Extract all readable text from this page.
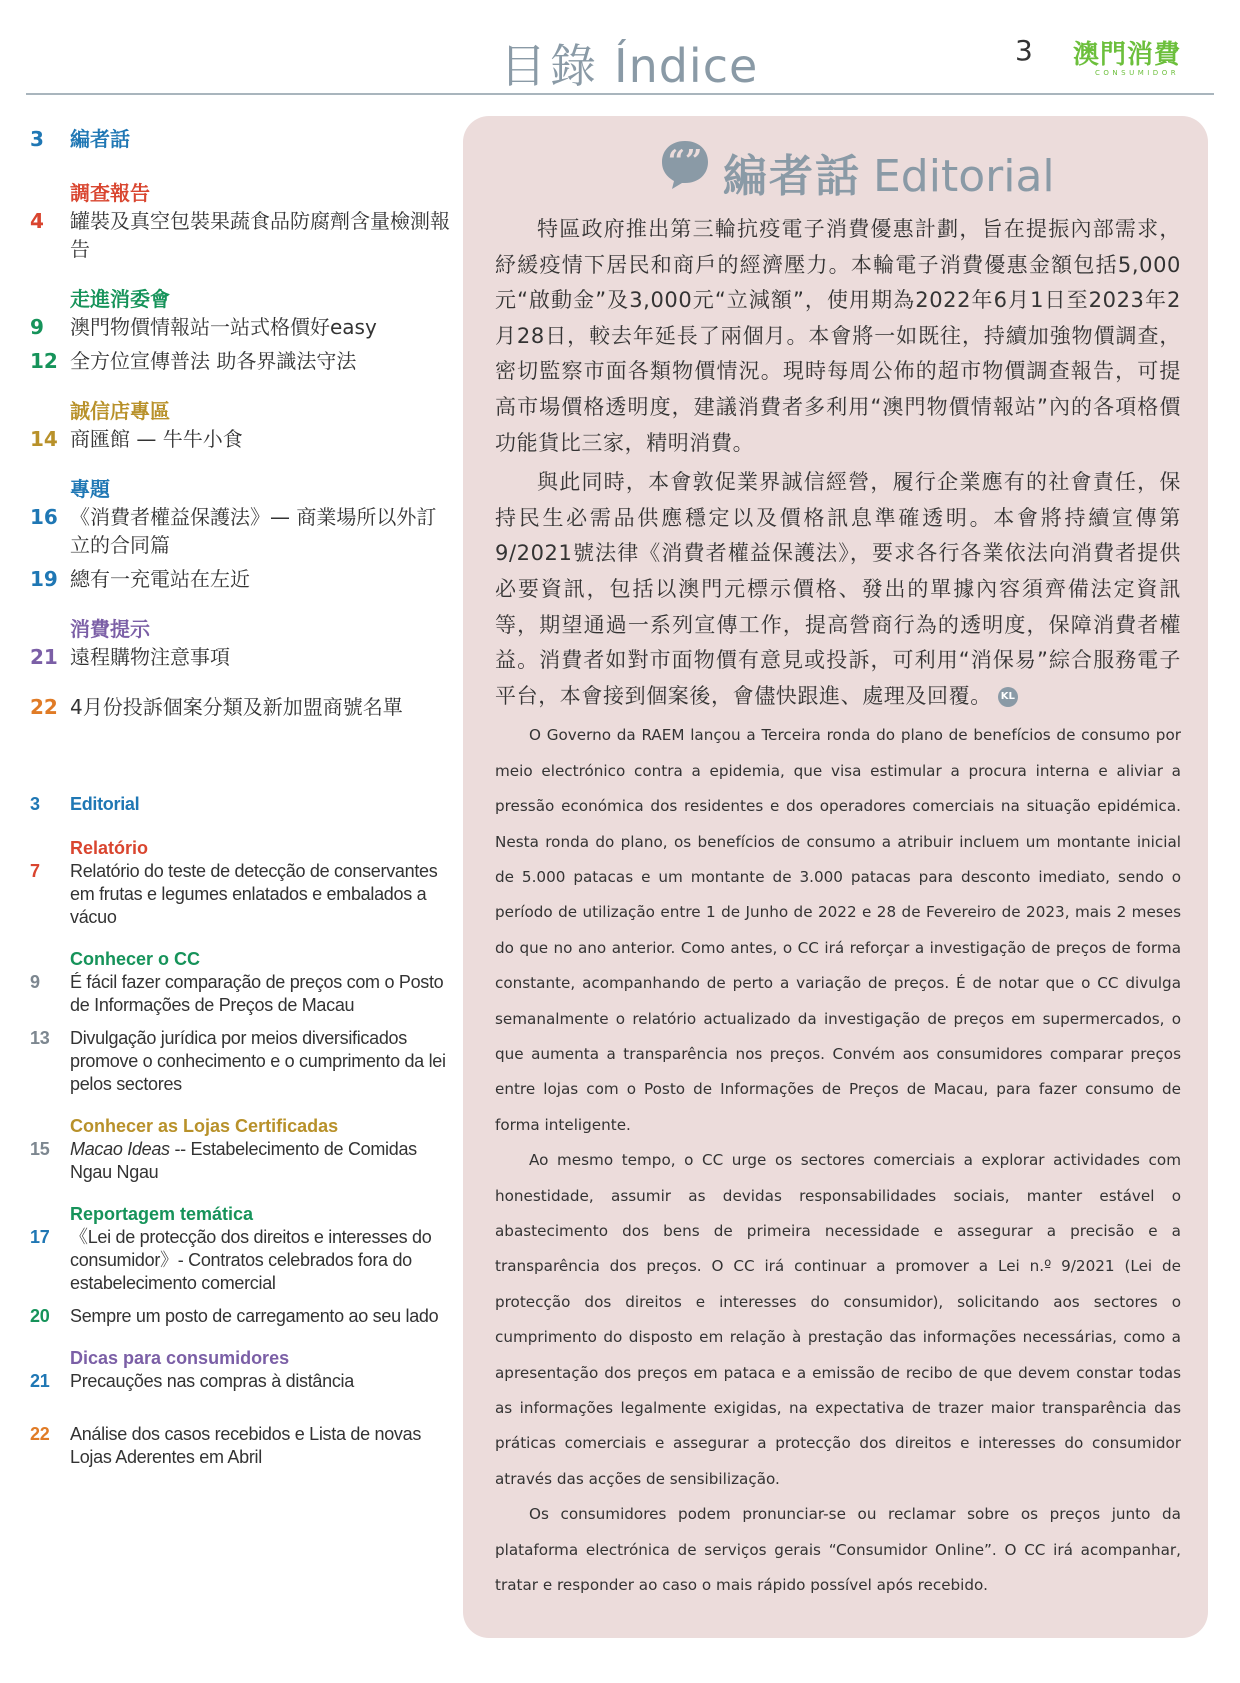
目錄 Índice	3 澳門消費
CONSUMIDOR
3 編者話
調查報告
4 罐裝及真空包裝果蔬食品防腐劑含量檢測報告
走進消委會
9 澳門物價情報站一站式格價好easy
12 全方位宣傳普法 助各界識法守法
誠信店專區
14 商匯館 — 牛牛小食
專題
16 《消費者權益保護法》— 商業場所以外訂立的合同篇
19 總有一充電站在左近
消費提示
21 遠程購物注意事項
22 4月份投訴個案分類及新加盟商號名單
3 Editorial
Relatório
7 Relatório do teste de detecção de conservantes em frutas e legumes enlatados e embalados a vácuo
Conhecer o CC
9 É fácil fazer comparação de preços com o Posto de Informações de Preços de Macau
13 Divulgação jurídica por meios diversificados promove o conhecimento e o cumprimento da lei pelos sectores
Conhecer as Lojas Certificadas
15 Macao Ideas -- Estabelecimento de Comidas Ngau Ngau
Reportagem temática
17 《Lei de protecção dos direitos e interesses do consumidor》- Contratos celebrados fora do estabelecimento comercial
20 Sempre um posto de carregamento ao seu lado
Dicas para consumidores
21 Precauções nas compras à distância
22 Análise dos casos recebidos e Lista de novas Lojas Aderentes em Abril
“” 編者話 Editorial

特區政府推出第三輪抗疫電子消費優惠計劃，旨在提振內部需求，紓緩疫情下居民和商戶的經濟壓力。本輪電子消費優惠金額包括5,000元“啟動金”及3,000元“立減額”，使用期為2022年6月1日至2023年2月28日，較去年延長了兩個月。本會將一如既往，持續加強物價調查，密切監察市面各類物價情況。現時每周公佈的超市物價調查報告，可提高市場價格透明度，建議消費者多利用“澳門物價情報站”內的各項格價功能貨比三家，精明消費。

與此同時，本會敦促業界誠信經營，履行企業應有的社會責任，保持民生必需品供應穩定以及價格訊息準確透明。本會將持續宣傳第9/2021號法律《消費者權益保護法》，要求各行各業依法向消費者提供必要資訊，包括以澳門元標示價格、發出的單據內容須齊備法定資訊等，期望通過一系列宣傳工作，提高營商行為的透明度，保障消費者權益。消費者如對市面物價有意見或投訴，可利用“消保易”綜合服務電子平台，本會接到個案後，會儘快跟進、處理及回覆。 KL

O Governo da RAEM lançou a Terceira ronda do plano de benefícios de consumo por meio electrónico contra a epidemia, que visa estimular a procura interna e aliviar a pressão económica dos residentes e dos operadores comerciais na situação epidémica. Nesta ronda do plano, os benefícios de consumo a atribuir incluem um montante inicial de 5.000 patacas e um montante de 3.000 patacas para desconto imediato, sendo o período de utilização entre 1 de Junho de 2022 e 28 de Fevereiro de 2023, mais 2 meses do que no ano anterior. Como antes, o CC irá reforçar a investigação de preços de forma constante, acompanhando de perto a variação de preços. É de notar que o CC divulga semanalmente o relatório actualizado da investigação de preços em supermercados, o que aumenta a transparência nos preços. Convém aos consumidores comparar preços entre lojas com o Posto de Informações de Preços de Macau, para fazer consumo de forma inteligente.

Ao mesmo tempo, o CC urge os sectores comerciais a explorar actividades com honestidade, assumir as devidas responsabilidades sociais, manter estável o abastecimento dos bens de primeira necessidade e assegurar a precisão e a transparência dos preços. O CC irá continuar a promover a Lei n.º 9/2021 (Lei de protecção dos direitos e interesses do consumidor), solicitando aos sectores o cumprimento do disposto em relação à prestação das informações necessárias, como a apresentação dos preços em pataca e a emissão de recibo de que devem constar todas as informações legalmente exigidas, na expectativa de trazer maior transparência das práticas comerciais e assegurar a protecção dos direitos e interesses do consumidor através das acções de sensibilização.

Os consumidores podem pronunciar-se ou reclamar sobre os preços junto da plataforma electrónica de serviços gerais “Consumidor Online”. O CC irá acompanhar, tratar e responder ao caso o mais rápido possível após recebido.
